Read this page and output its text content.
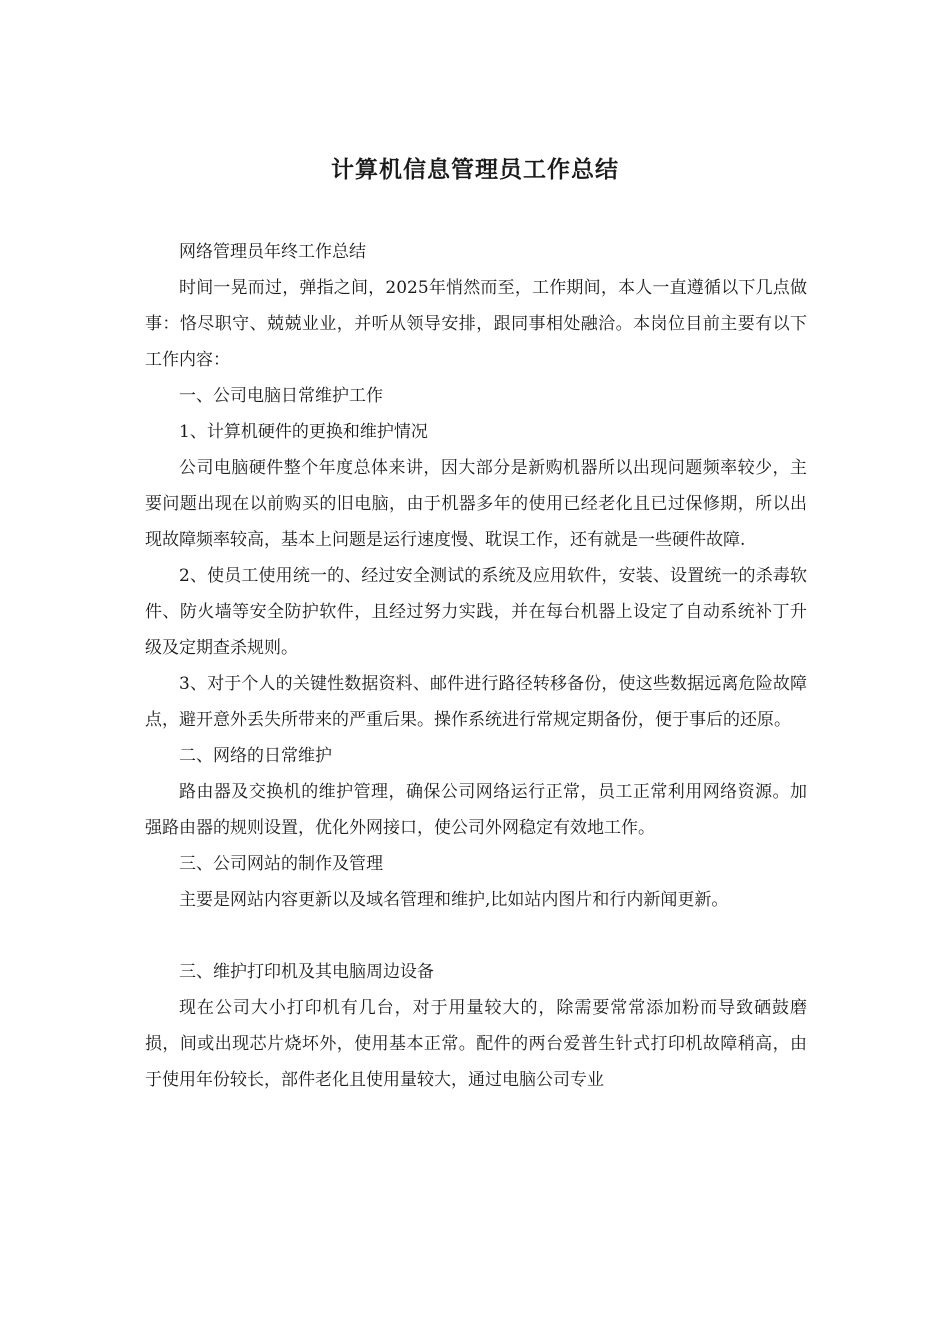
计算机信息管理员工作总结

网络管理员年终工作总结

时间一晃而过，弹指之间，2025年悄然而至，工作期间，本人一直遵循以下几点做事：恪尽职守、兢兢业业，并听从领导安排，跟同事相处融洽。本岗位目前主要有以下工作内容：

一、公司电脑日常维护工作

1、计算机硬件的更换和维护情况

公司电脑硬件整个年度总体来讲，因大部分是新购机器所以出现问题频率较少，主要问题出现在以前购买的旧电脑，由于机器多年的使用已经老化且已过保修期，所以出现故障频率较高，基本上问题是运行速度慢、耽误工作，还有就是一些硬件故障.

2、使员工使用统一的、经过安全测试的系统及应用软件，安装、设置统一的杀毒软件、防火墙等安全防护软件，且经过努力实践，并在每台机器上设定了自动系统补丁升级及定期查杀规则。

3、对于个人的关键性数据资料、邮件进行路径转移备份，使这些数据远离危险故障点，避开意外丢失所带来的严重后果。操作系统进行常规定期备份，便于事后的还原。

二、网络的日常维护

路由器及交换机的维护管理，确保公司网络运行正常，员工正常利用网络资源。加强路由器的规则设置，优化外网接口，使公司外网稳定有效地工作。

三、公司网站的制作及管理

主要是网站内容更新以及域名管理和维护,比如站内图片和行内新闻更新。

三、维护打印机及其电脑周边设备

现在公司大小打印机有几台，对于用量较大的，除需要常常添加粉而导致硒鼓磨损，间或出现芯片烧坏外，使用基本正常。配件的两台爱普生针式打印机故障稍高，由于使用年份较长，部件老化且使用量较大，通过电脑公司专业
